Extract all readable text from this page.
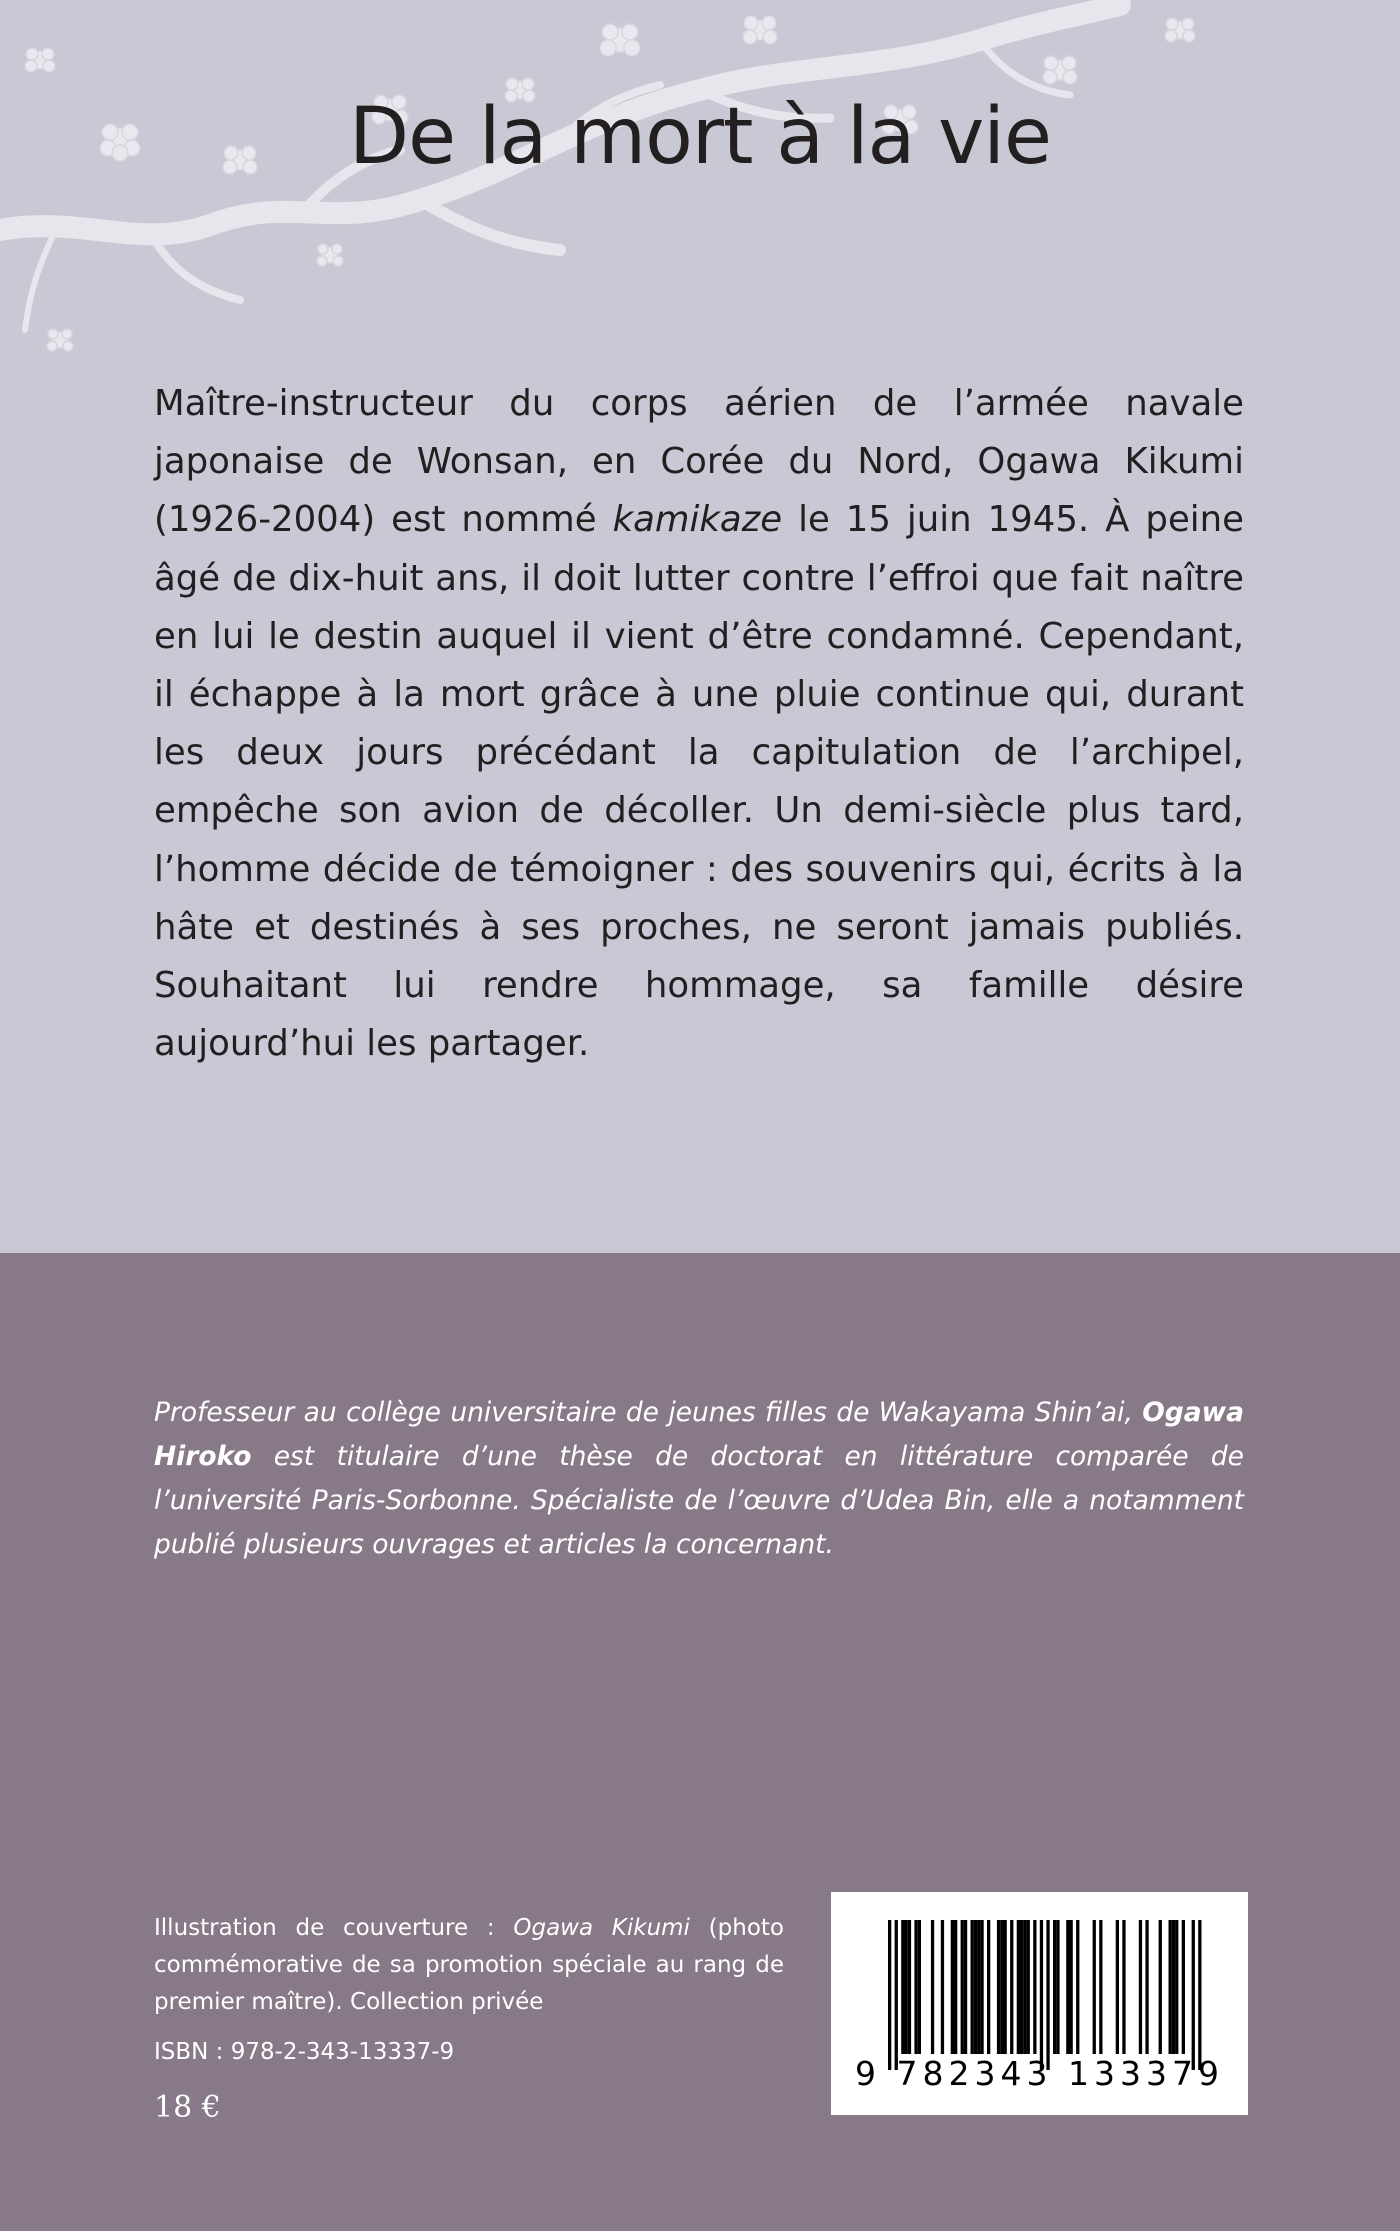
De la mort à la vie

Maître-instructeur du corps aérien de l’armée navale japonaise de Wonsan, en Corée du Nord, Ogawa Kikumi (1926-2004) est nommé kamikaze le 15 juin 1945. À peine âgé de dix-huit ans, il doit lutter contre l’effroi que fait naître en lui le destin auquel il vient d’être condamné. Cependant, il échappe à la mort grâce à une pluie continue qui, durant les deux jours précédant la capitulation de l’archipel, empêche son avion de décoller. Un demi-siècle plus tard, l’homme décide de témoigner : des souvenirs qui, écrits à la hâte et destinés à ses proches, ne seront jamais publiés. Souhaitant lui rendre hommage, sa famille désire aujourd’hui les partager.

Professeur au collège universitaire de jeunes filles de Wakayama Shin’ai, Ogawa Hiroko est titulaire d’une thèse de doctorat en littérature comparée de l’université Paris-Sorbonne. Spécialiste de l’œuvre d’Udea Bin, elle a notamment publié plusieurs ouvrages et articles la concernant.

Illustration de couverture : Ogawa Kikumi (photo commémorative de sa promotion spéciale au rang de premier maître). Collection privée

ISBN : 978-2-343-13337-9

18 €

9 782343 133379
